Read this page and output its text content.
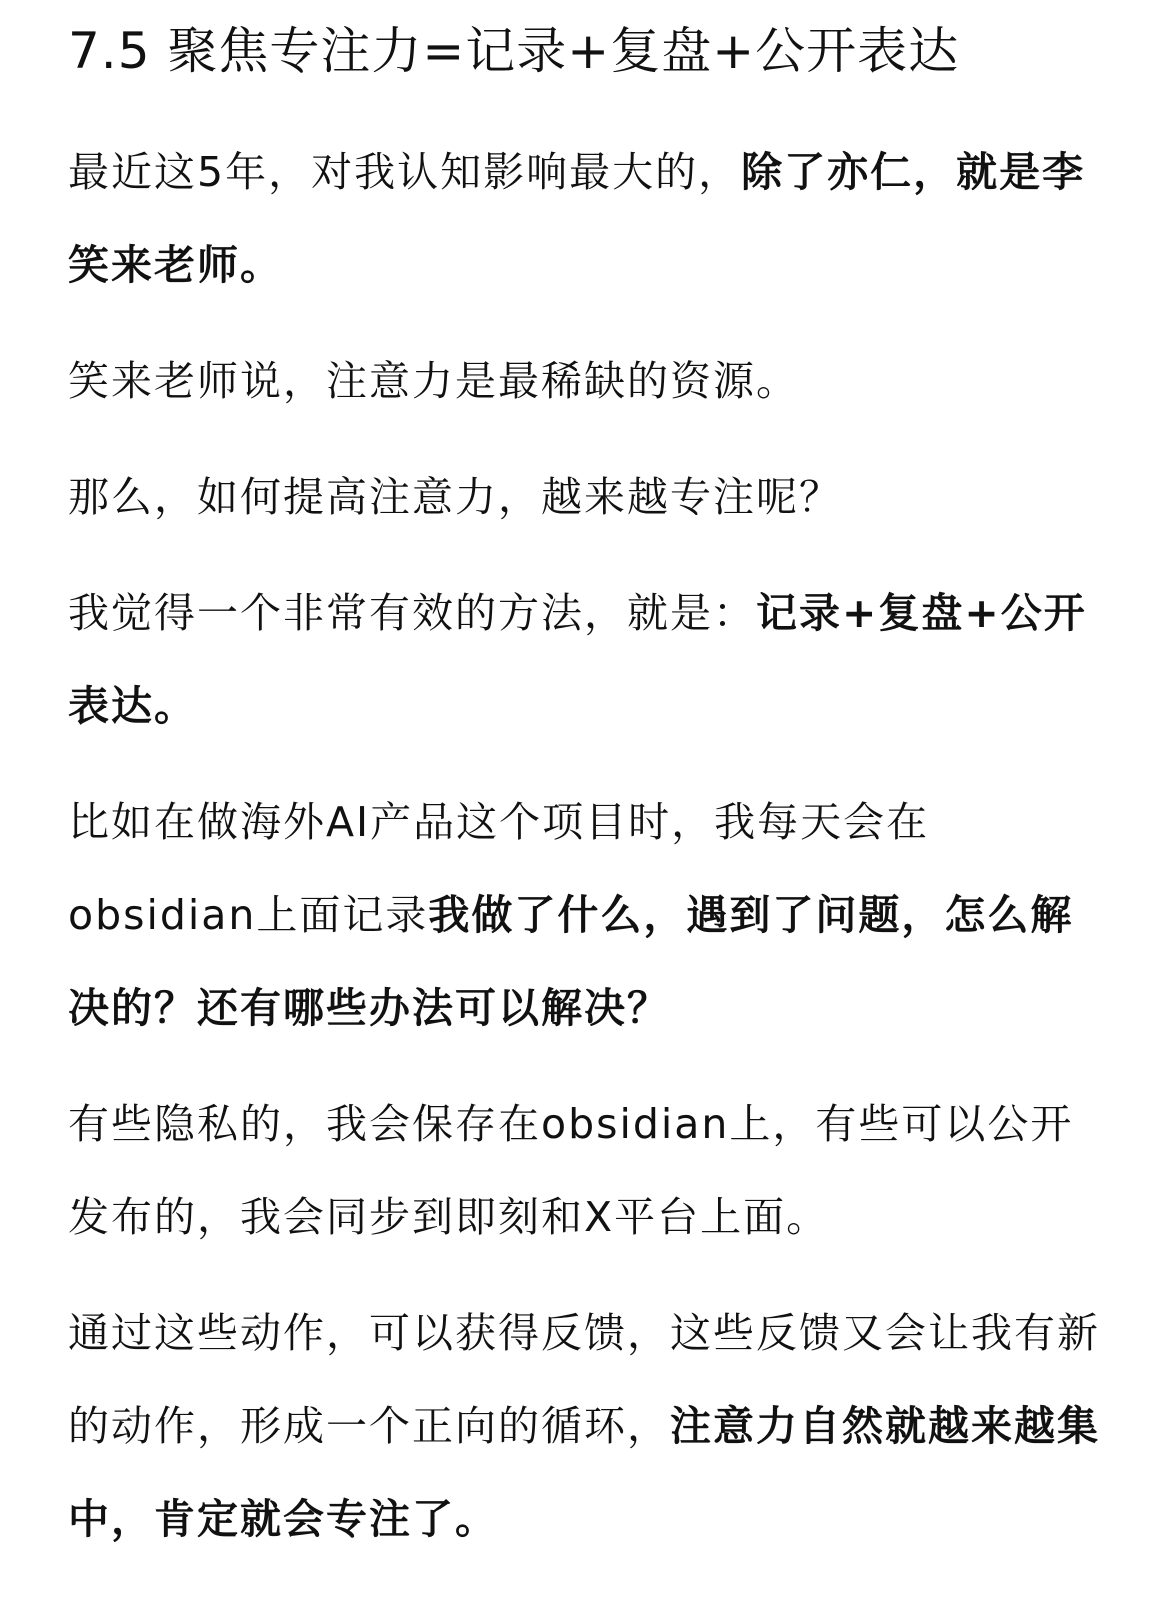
7.5 聚焦专注力=记录+复盘+公开表达

最近这5年，对我认知影响最大的，除了亦仁，就是李笑来老师。

笑来老师说，注意力是最稀缺的资源。

那么，如何提高注意力，越来越专注呢？

我觉得一个非常有效的方法，就是：记录+复盘+公开表达。

比如在做海外AI产品这个项目时，我每天会在obsidian上面记录我做了什么，遇到了问题，怎么解决的？还有哪些办法可以解决？

有些隐私的，我会保存在obsidian上，有些可以公开发布的，我会同步到即刻和X平台上面。

通过这些动作，可以获得反馈，这些反馈又会让我有新的动作，形成一个正向的循环，注意力自然就越来越集中，肯定就会专注了。
